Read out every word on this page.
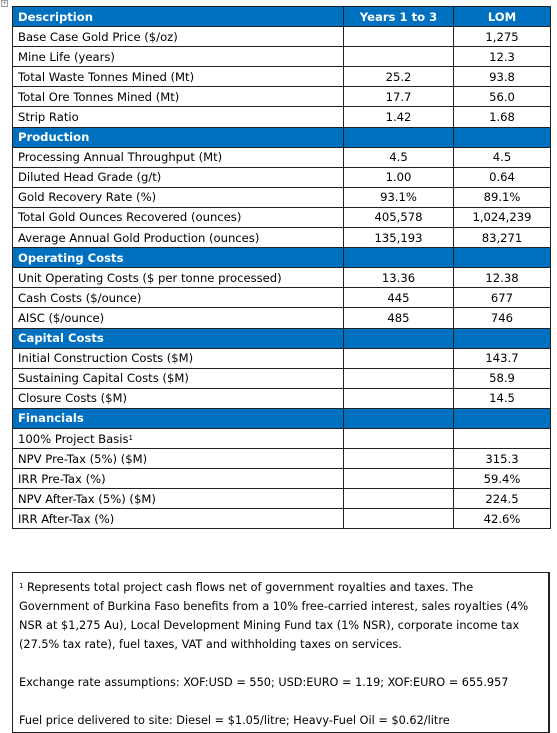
+
Description	Years 1 to 3	LOM
Base Case Gold Price ($/oz)		1,275
Mine Life (years)		12.3
Total Waste Tonnes Mined (Mt)	25.2	93.8
Total Ore Tonnes Mined (Mt)	17.7	56.0
Strip Ratio	1.42	1.68
Production		
Processing Annual Throughput (Mt)	4.5	4.5
Diluted Head Grade (g/t)	1.00	0.64
Gold Recovery Rate (%)	93.1%	89.1%
Total Gold Ounces Recovered (ounces)	405,578	1,024,239
Average Annual Gold Production (ounces)	135,193	83,271
Operating Costs		
Unit Operating Costs ($ per tonne processed)	13.36	12.38
Cash Costs ($/ounce)	445	677
AISC ($/ounce)	485	746
Capital Costs		
Initial Construction Costs ($M)		143.7
Sustaining Capital Costs ($M)		58.9
Closure Costs ($M)		14.5
Financials		
100% Project Basis$^1$		
NPV Pre-Tax (5%) ($M)		315.3
IRR Pre-Tax (%)		59.4%
NPV After-Tax (5%) ($M)		224.5
IRR After-Tax (%)		42.6%

$^1$ Represents total project cash flows net of government royalties and taxes. The Government of Burkina Faso benefits from a 10% free-carried interest, sales royalties (4% NSR at $1,275 Au), Local Development Mining Fund tax (1% NSR), corporate income tax (27.5% tax rate), fuel taxes, VAT and withholding taxes on services.

Exchange rate assumptions: XOF:USD = 550; USD:EURO = 1.19; XOF:EURO = 655.957

Fuel price delivered to site: Diesel = $1.05/litre; Heavy-Fuel Oil = $0.62/litre
